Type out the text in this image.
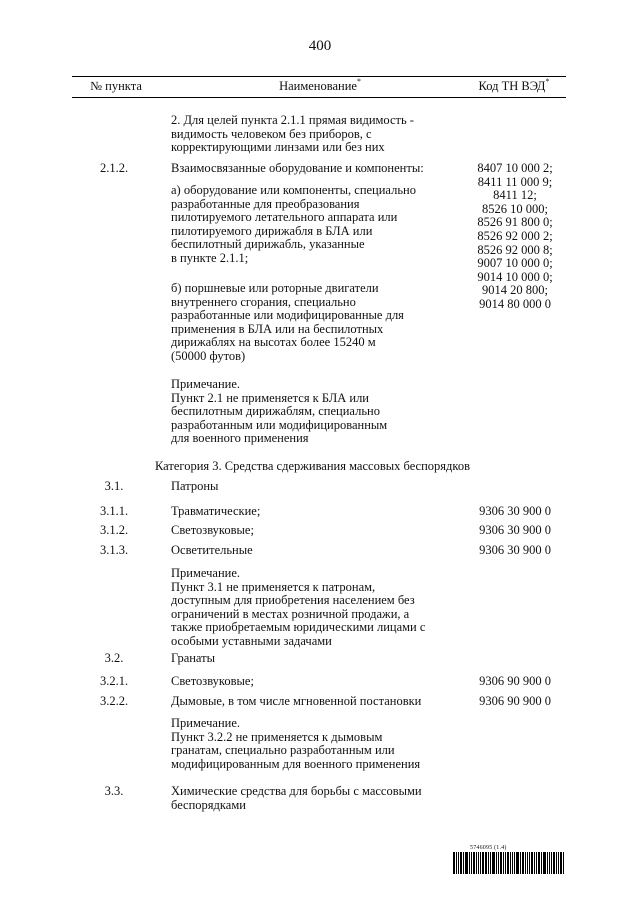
400
№ пункта	Наименование*	Код ТН ВЭД*
2. Для целей пункта 2.1.1 прямая видимость -
видимость человеком без приборов, с
корректирующими линзами или без них
2.1.2.	Взаимосвязанные оборудование и компоненты:	8407 10 000 2;
8411 11 000 9;
8411 12;
8526 10 000;
8526 91 800 0;
8526 92 000 2;
8526 92 000 8;
9007 10 000 0;
9014 10 000 0;
9014 20 800;
9014 80 000 0
а) оборудование или компоненты, специально
разработанные для преобразования
пилотируемого летательного аппарата или
пилотируемого дирижабля в БЛА или
беспилотный дирижабль, указанные
в пункте 2.1.1;
б) поршневые или роторные двигатели
внутреннего сгорания, специально
разработанные или модифицированные для
применения в БЛА или на беспилотных
дирижаблях на высотах более 15240 м
(50000 футов)
Примечание.
Пункт 2.1 не применяется к БЛА или
беспилотным дирижаблям, специально
разработанным или модифицированным
для военного применения
Категория 3. Средства сдерживания массовых беспорядков
3.1.	Патроны
3.1.1.	Травматические;	9306 30 900 0
3.1.2.	Светозвуковые;	9306 30 900 0
3.1.3.	Осветительные	9306 30 900 0
Примечание.
Пункт 3.1 не применяется к патронам,
доступным для приобретения населением без
ограничений в местах розничной продажи, а
также приобретаемым юридическими лицами с
особыми уставными задачами
3.2.	Гранаты
3.2.1.	Светозвуковые;	9306 90 900 0
3.2.2.	Дымовые, в том числе мгновенной постановки	9306 90 900 0
Примечание.
Пункт 3.2.2 не применяется к дымовым
гранатам, специально разработанным или
модифицированным для военного применения
3.3.	Химические средства для борьбы с массовыми
беспорядками
5746095 (1.4)
